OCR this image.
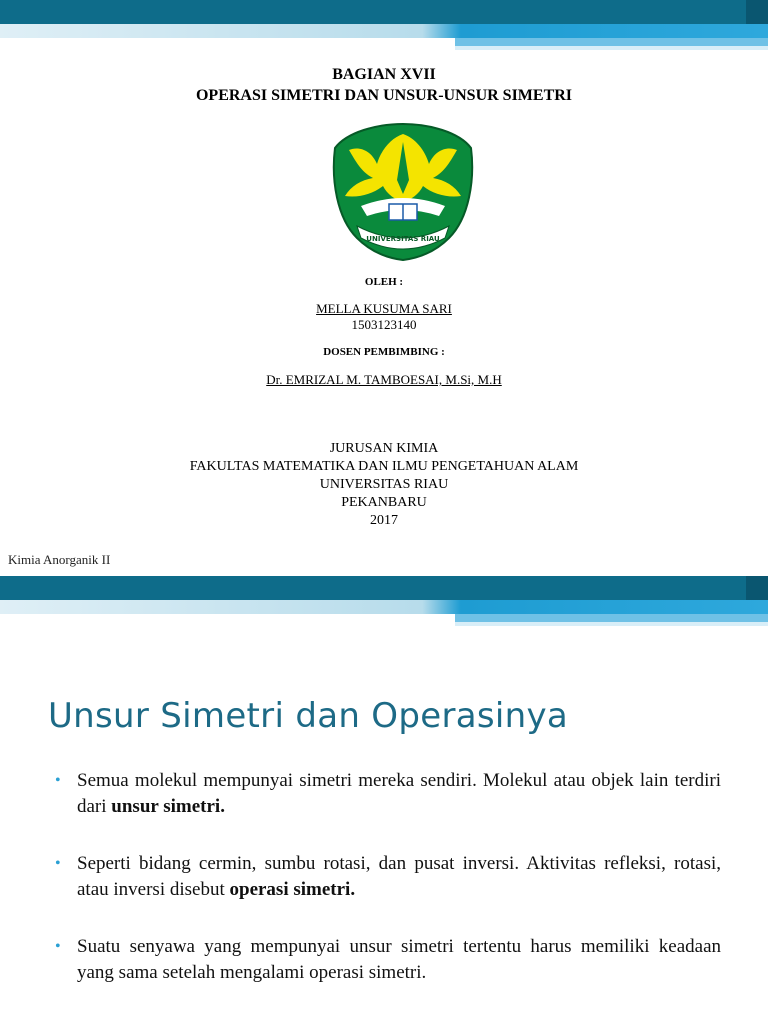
BAGIAN XVII
OPERASI SIMETRI DAN UNSUR-UNSUR SIMETRI
UNIVERSITAS RIAU
OLEH :
MELLA KUSUMA SARI
1503123140
DOSEN PEMBIMBING :
Dr. EMRIZAL M. TAMBOESAI, M.Si, M.H
JURUSAN KIMIA
FAKULTAS MATEMATIKA DAN ILMU PENGETAHUAN ALAM
UNIVERSITAS RIAU
PEKANBARU
2017
Kimia Anorganik II
Unsur Simetri dan Operasinya
• Semua molekul mempunyai simetri mereka sendiri. Molekul atau objek lain terdiri dari unsur simetri.
• Seperti bidang cermin, sumbu rotasi, dan pusat inversi. Aktivitas refleksi, rotasi, atau inversi disebut operasi simetri.
• Suatu senyawa yang mempunyai unsur simetri tertentu harus memiliki keadaan yang sama setelah mengalami operasi simetri.
